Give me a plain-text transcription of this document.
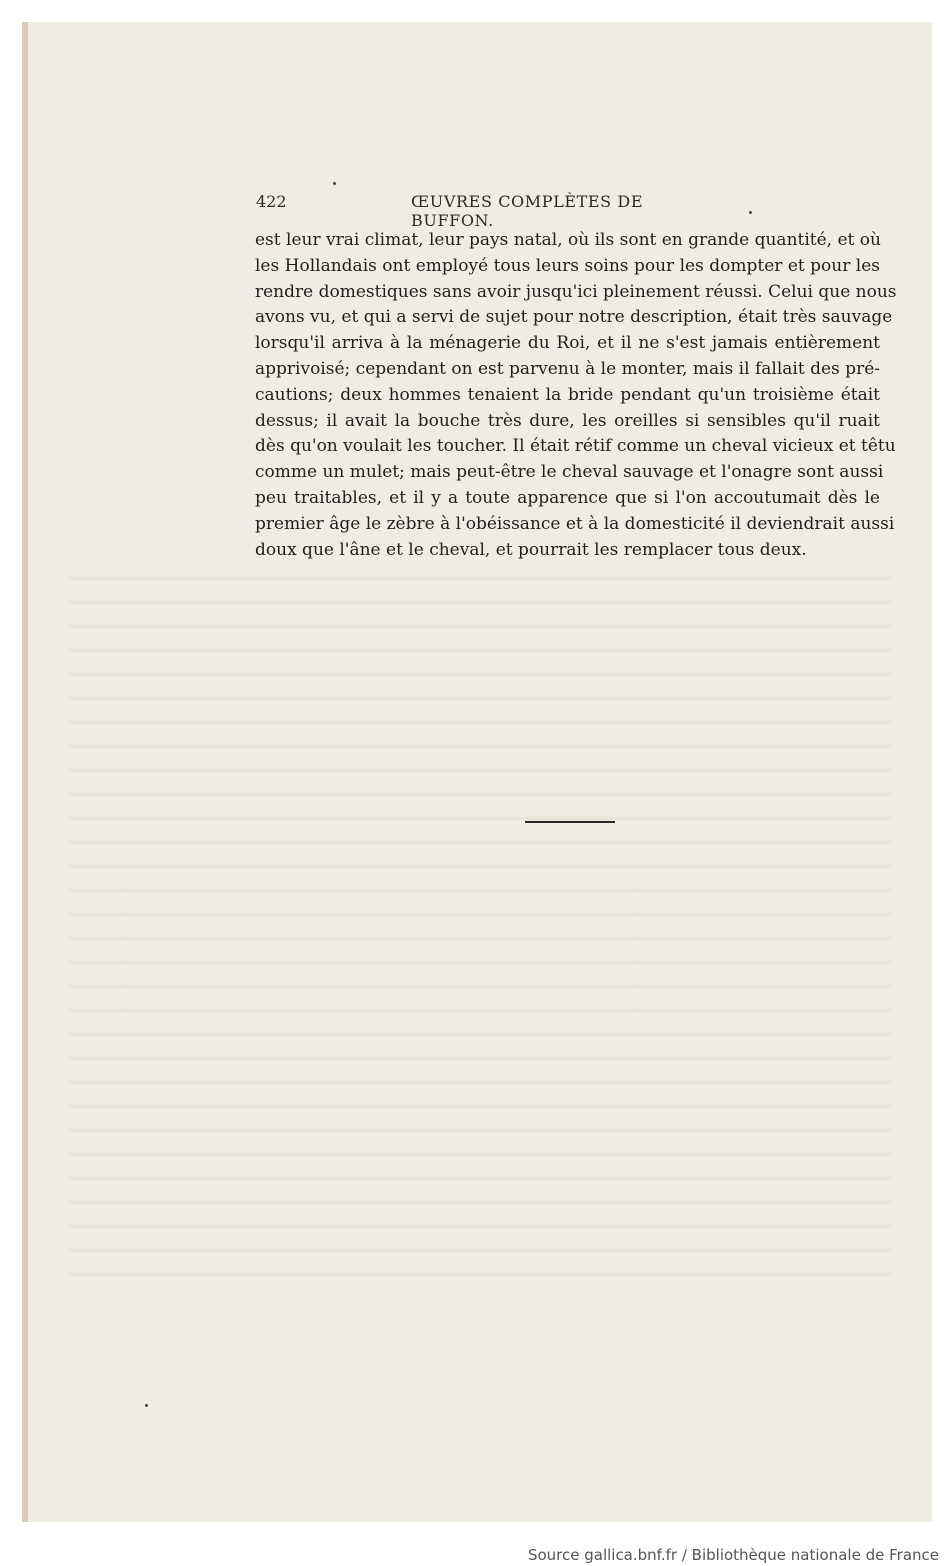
422	ŒUVRES COMPLÈTES DE BUFFON.
est leur vrai climat, leur pays natal, où ils sont en grande quantité, et où
les Hollandais ont employé tous leurs soins pour les dompter et pour les
rendre domestiques sans avoir jusqu'ici pleinement réussi. Celui que nous
avons vu, et qui a servi de sujet pour notre description, était très sauvage
lorsqu'il arriva à la ménagerie du Roi, et il ne s'est jamais entièrement
apprivoisé; cependant on est parvenu à le monter, mais il fallait des pré-
cautions; deux hommes tenaient la bride pendant qu'un troisième était
dessus; il avait la bouche très dure, les oreilles si sensibles qu'il ruait
dès qu'on voulait les toucher. Il était rétif comme un cheval vicieux et têtu
comme un mulet; mais peut-être le cheval sauvage et l'onagre sont aussi
peu traitables, et il y a toute apparence que si l'on accoutumait dès le
premier âge le zèbre à l'obéissance et à la domesticité il deviendrait aussi
doux que l'âne et le cheval, et pourrait les remplacer tous deux.
Source gallica.bnf.fr / Bibliothèque nationale de France
